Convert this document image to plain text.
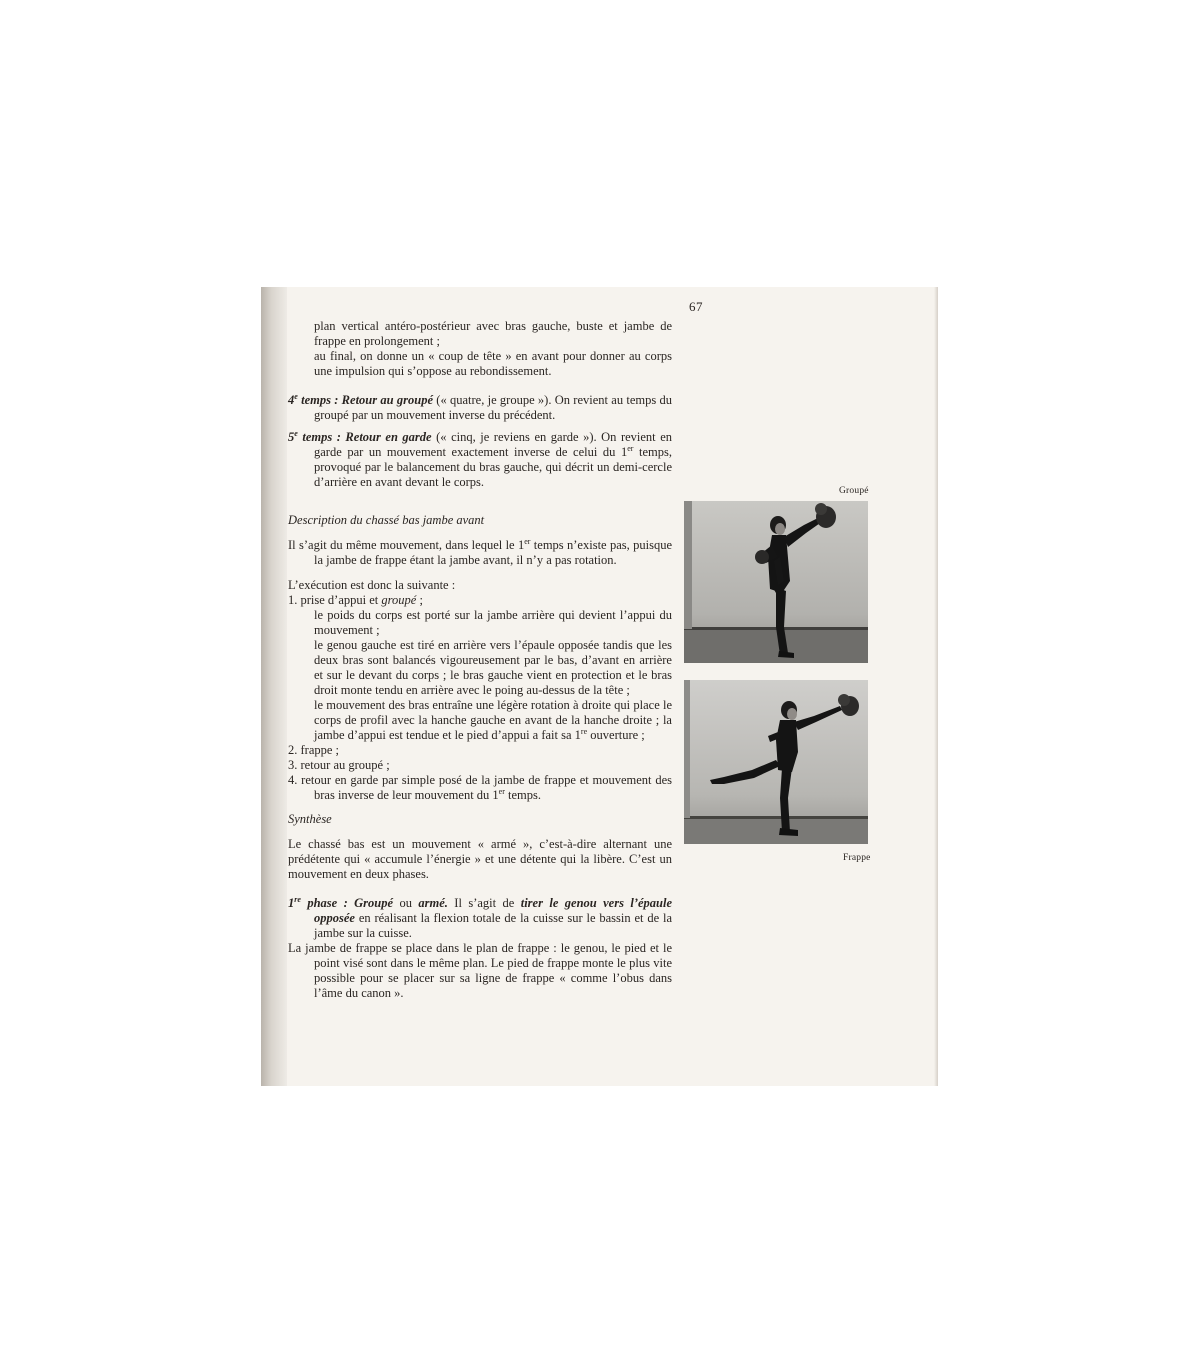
67

plan vertical antéro-postérieur avec bras gauche, buste et jambe de frappe en prolongement ;

au final, on donne un « coup de tête » en avant pour donner au corps une impulsion qui s’oppose au rebondissement.

4e temps : Retour au groupé (« quatre, je groupe »). On revient au temps du groupé par un mouvement inverse du précédent.

5e temps : Retour en garde (« cinq, je reviens en garde »). On revient en garde par un mouvement exactement inverse de celui du 1er temps, provoqué par le balancement du bras gauche, qui décrit un demi-cercle d’arrière en avant devant le corps.

Description du chassé bas jambe avant

Il s’agit du même mouvement, dans lequel le 1er temps n’existe pas, puisque la jambe de frappe étant la jambe avant, il n’y a pas rotation.

L’exécution est donc la suivante :

1. prise d’appui et groupé ;

le poids du corps est porté sur la jambe arrière qui devient l’appui du mouvement ;

le genou gauche est tiré en arrière vers l’épaule opposée tandis que les deux bras sont balancés vigoureusement par le bas, d’avant en arrière et sur le devant du corps ; le bras gauche vient en protection et le bras droit monte tendu en arrière avec le poing au-dessus de la tête ;

le mouvement des bras entraîne une légère rotation à droite qui place le corps de profil avec la hanche gauche en avant de la hanche droite ; la jambe d’appui est tendue et le pied d’appui a fait sa 1re ouverture ;

2. frappe ;

3. retour au groupé ;

4. retour en garde par simple posé de la jambe de frappe et mouvement des bras inverse de leur mouvement du 1er temps.

Synthèse

Le chassé bas est un mouvement « armé », c’est-à-dire alternant une prédétente qui « accumule l’énergie » et une détente qui la libère. C’est un mouvement en deux phases.

1re phase : Groupé ou armé. Il s’agit de tirer le genou vers l’épaule opposée en réalisant la flexion totale de la cuisse sur le bassin et de la jambe sur la cuisse.

La jambe de frappe se place dans le plan de frappe : le genou, le pied et le point visé sont dans le même plan. Le pied de frappe monte le plus vite possible pour se placer sur sa ligne de frappe « comme l’obus dans l’âme du canon ».

Groupé
Frappe
